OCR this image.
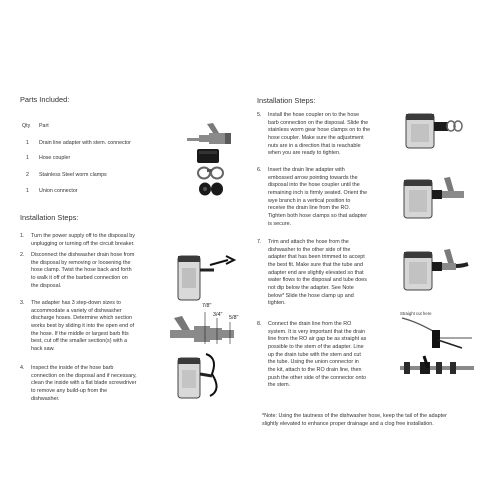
Parts Included:
Qty Part
1 Drain line adapter with stem. connector
1 Hose coupler
2 Stainless Steel worm clamps
1 Union connector
Installation Steps:
1. Turn the power supply off to the disposal by
unplugging or turning off the circuit breaker.
2. Disconnect the dishwasher drain hose from
the disposal by removing or loosening the
hose clamp. Twist the hose back and forth
to walk it off of the barbed connection on
the disposal.
3. The adapter has 3 step-down sizes to
accommodate a variety of dishwasher
discharge hoses. Determine which section
works best by sliding it into the open end of
the hose. If the middle or largest barb fits
best, cut off the smaller section(s) with a
hack saw.
4. Inspect the inside of the hose barb
connection on the disposal and if necessary,
clean the inside with a flat blade screwdriver
to remove any build-up from the
dishwasher.
7/8"
3/4" 5/8"
Installation Steps:
5. Install the hose coupler on to the hose
barb connection on the disposal. Slide the
stainless worm gear hose clamps on to the
hose coupler. Make sure the adjustment
nuts are in a direction that is reachable
when you are ready to tighten.
6. Insert the drain line adapter with
embossed arrow pointing towards the
disposal into the hose coupler until the
remaining inch is firmly seated. Orient the
wye branch in a vertical position to
receive the drain line from the RO.
Tighten both hose clamps so that adapter
is secure.
7. Trim and attach the hose from the
dishwasher to the other side of the
adapter that has been trimmed to accept
the best fit. Make sure that the tube and
adapter end are slightly elevated so that
water flows to the disposal and tube does
not dip below the adapter. See Note
below* Slide the hose clamp up and
tighten.
8. Connect the drain line from the RO
system. It is very important that the drain
line from the RO air gap be as straight as
possible to the stem of the adapter. Line
up the drain tube with the stem and cut
the tube. Using the union connector in
the kit, attach to the RO drain line, then
push the other side of the connector onto
the stem.
Straight cut here
*Note: Using the tautness of the dishwasher hose, keep the tail of the adapter
slightly elevated to enhance proper drainage and a clog free installation.
